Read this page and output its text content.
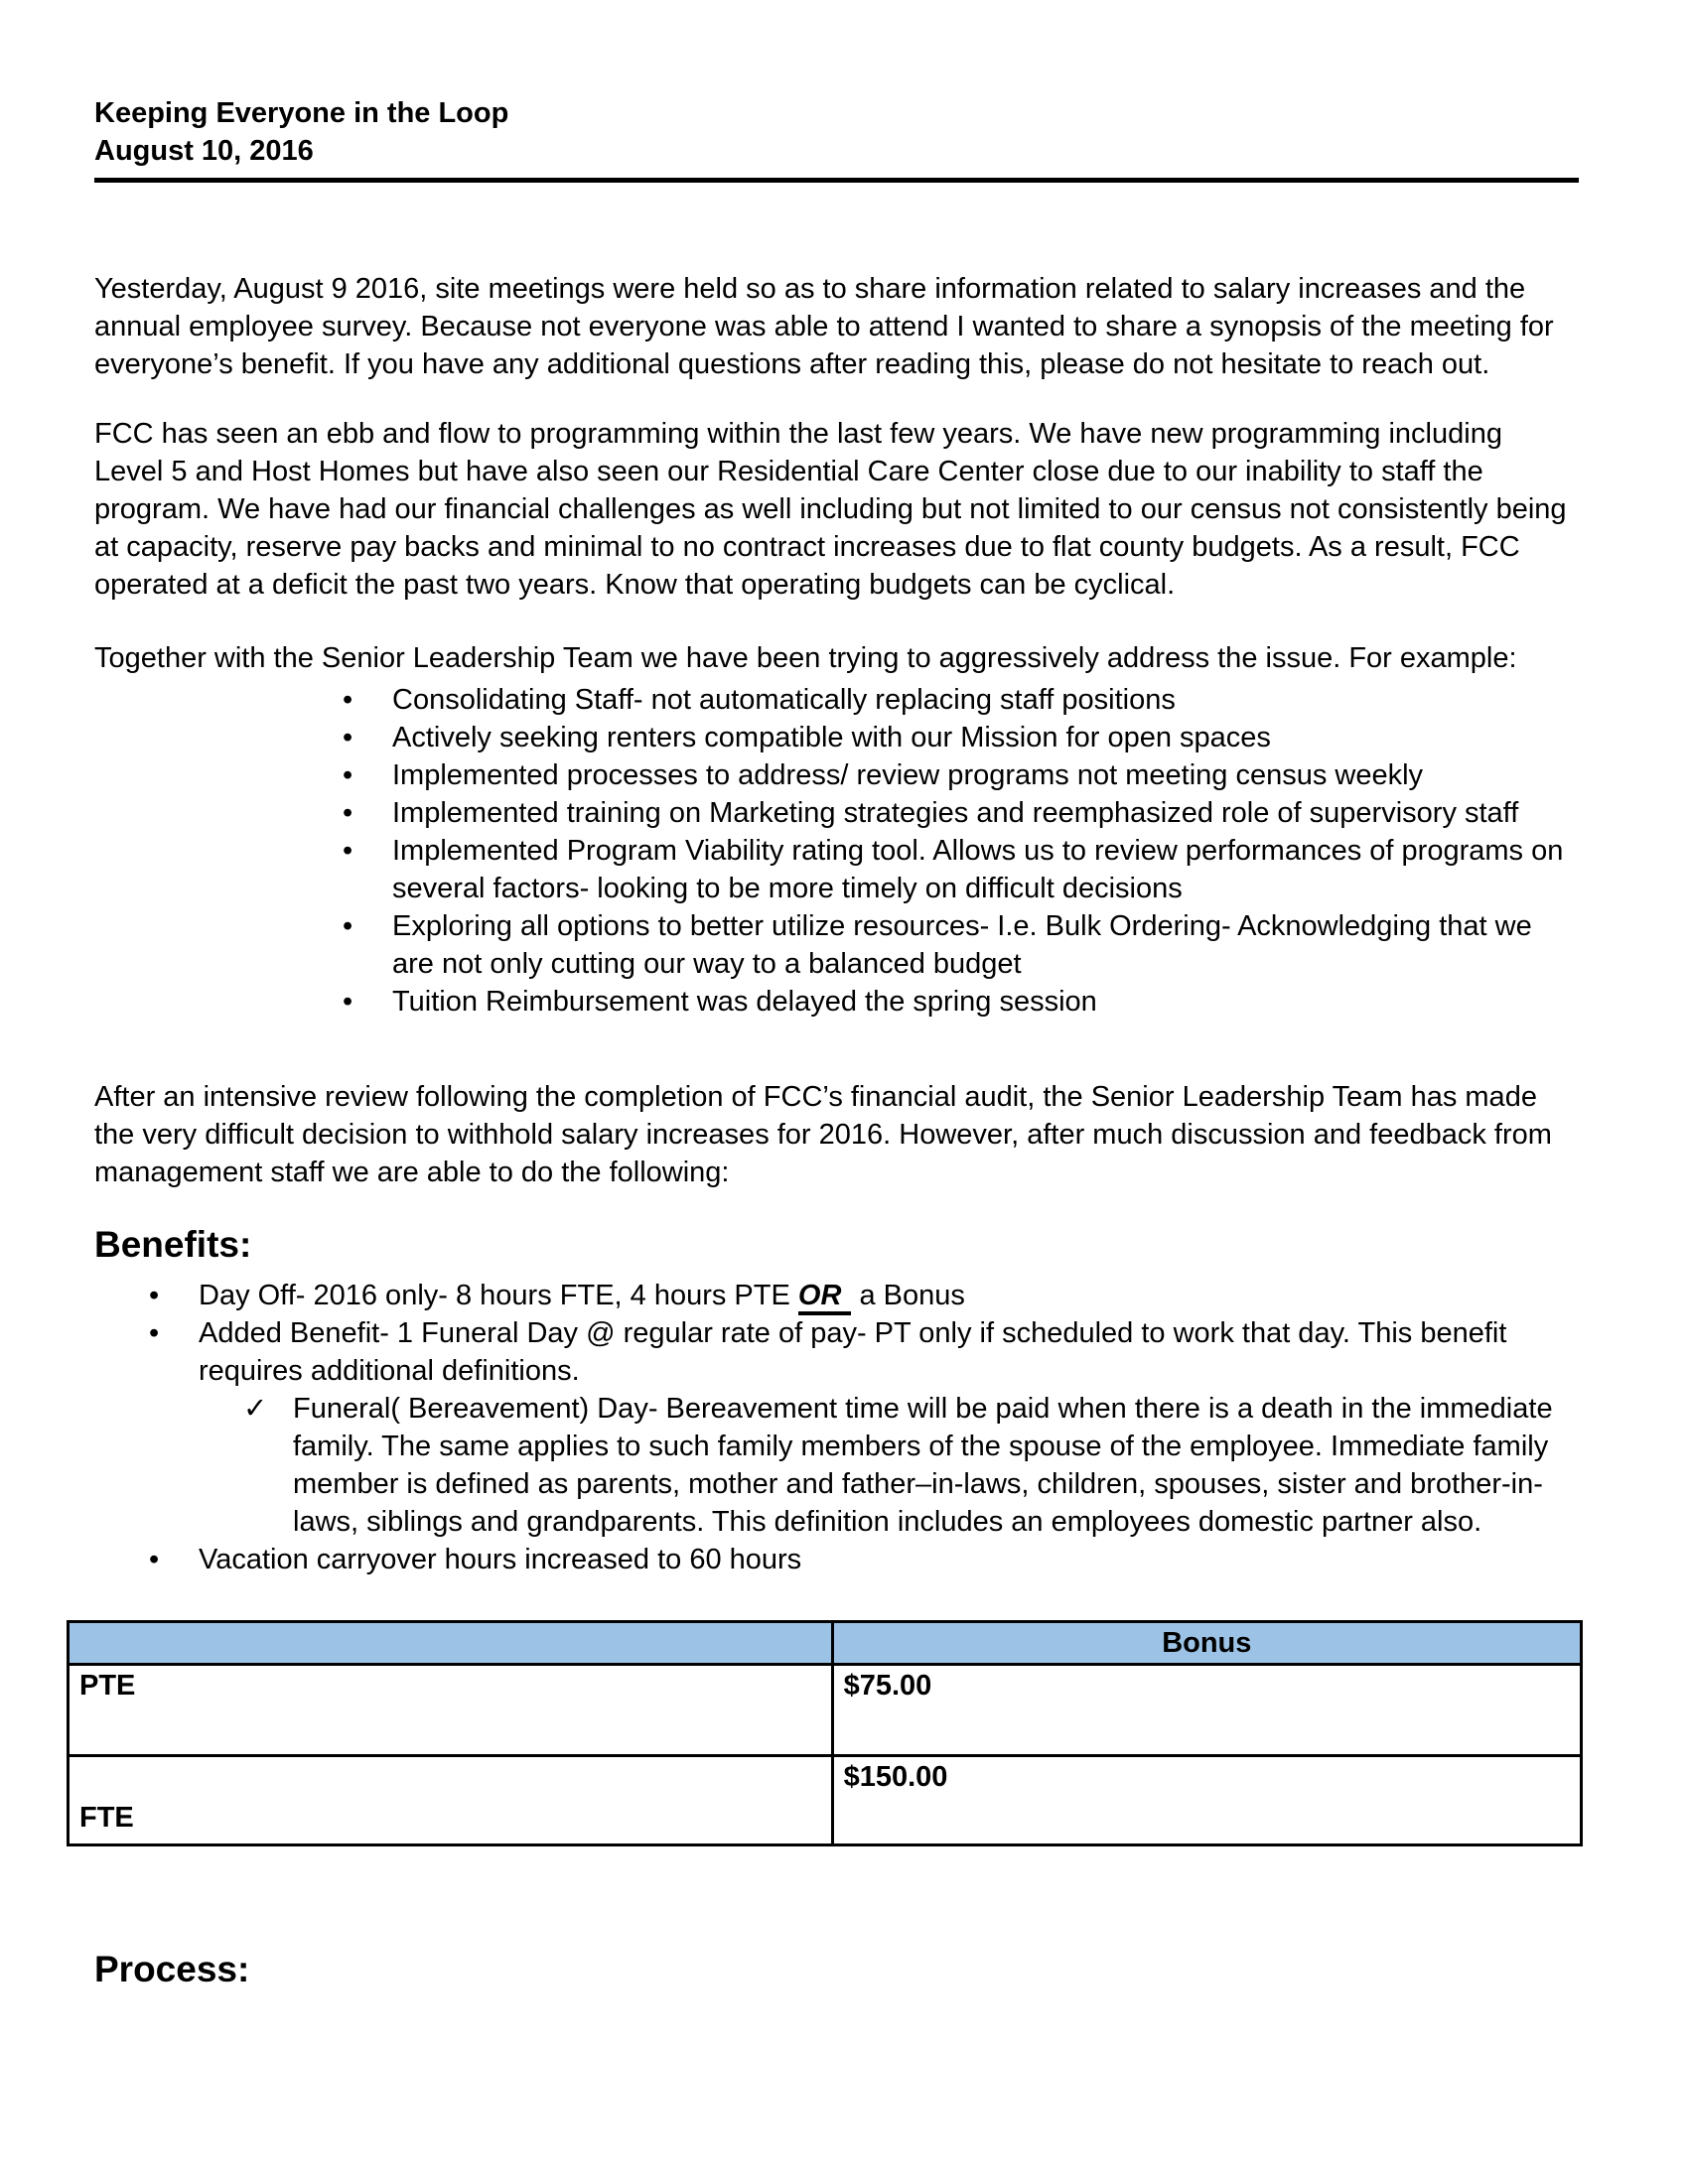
Keeping Everyone in the Loop
August 10, 2016

Yesterday, August 9 2016, site meetings were held so as to share information related to salary increases and the annual employee survey. Because not everyone was able to attend I wanted to share a synopsis of the meeting for everyone’s benefit. If you have any additional questions after reading this, please do not hesitate to reach out.

FCC has seen an ebb and flow to programming within the last few years. We have new programming including Level 5 and Host Homes but have also seen our Residential Care Center close due to our inability to staff the program. We have had our financial challenges as well including but not limited to our census not consistently being at capacity, reserve pay backs and minimal to no contract increases due to flat county budgets. As a result, FCC operated at a deficit the past two years. Know that operating budgets can be cyclical.

Together with the Senior Leadership Team we have been trying to aggressively address the issue. For example:

•	Consolidating Staff- not automatically replacing staff positions
•	Actively seeking renters compatible with our Mission for open spaces
•	Implemented processes to address/ review programs not meeting census weekly
•	Implemented training on Marketing strategies and reemphasized role of supervisory staff
•	Implemented Program Viability rating tool. Allows us to review performances of programs on several factors- looking to be more timely on difficult decisions
•	Exploring all options to better utilize resources- I.e. Bulk Ordering- Acknowledging that we are not only cutting our way to a balanced budget
•	Tuition Reimbursement was delayed the spring session

After an intensive review following the completion of FCC’s financial audit, the Senior Leadership Team has made the very difficult decision to withhold salary increases for 2016. However, after much discussion and feedback from management staff we are able to do the following:

Benefits:
•	Day Off- 2016 only- 8 hours FTE, 4 hours PTE OR a Bonus
•	Added Benefit- 1 Funeral Day @ regular rate of pay- PT only if scheduled to work that day. This benefit requires additional definitions.
✓ Funeral( Bereavement) Day- Bereavement time will be paid when there is a death in the immediate family. The same applies to such family members of the spouse of the employee. Immediate family member is defined as parents, mother and father–in-laws, children, spouses, sister and brother-in-laws, siblings and grandparents. This definition includes an employees domestic partner also.
•	Vacation carryover hours increased to 60 hours
	Bonus
PTE	$75.00
FTE	$150.00
Process:
